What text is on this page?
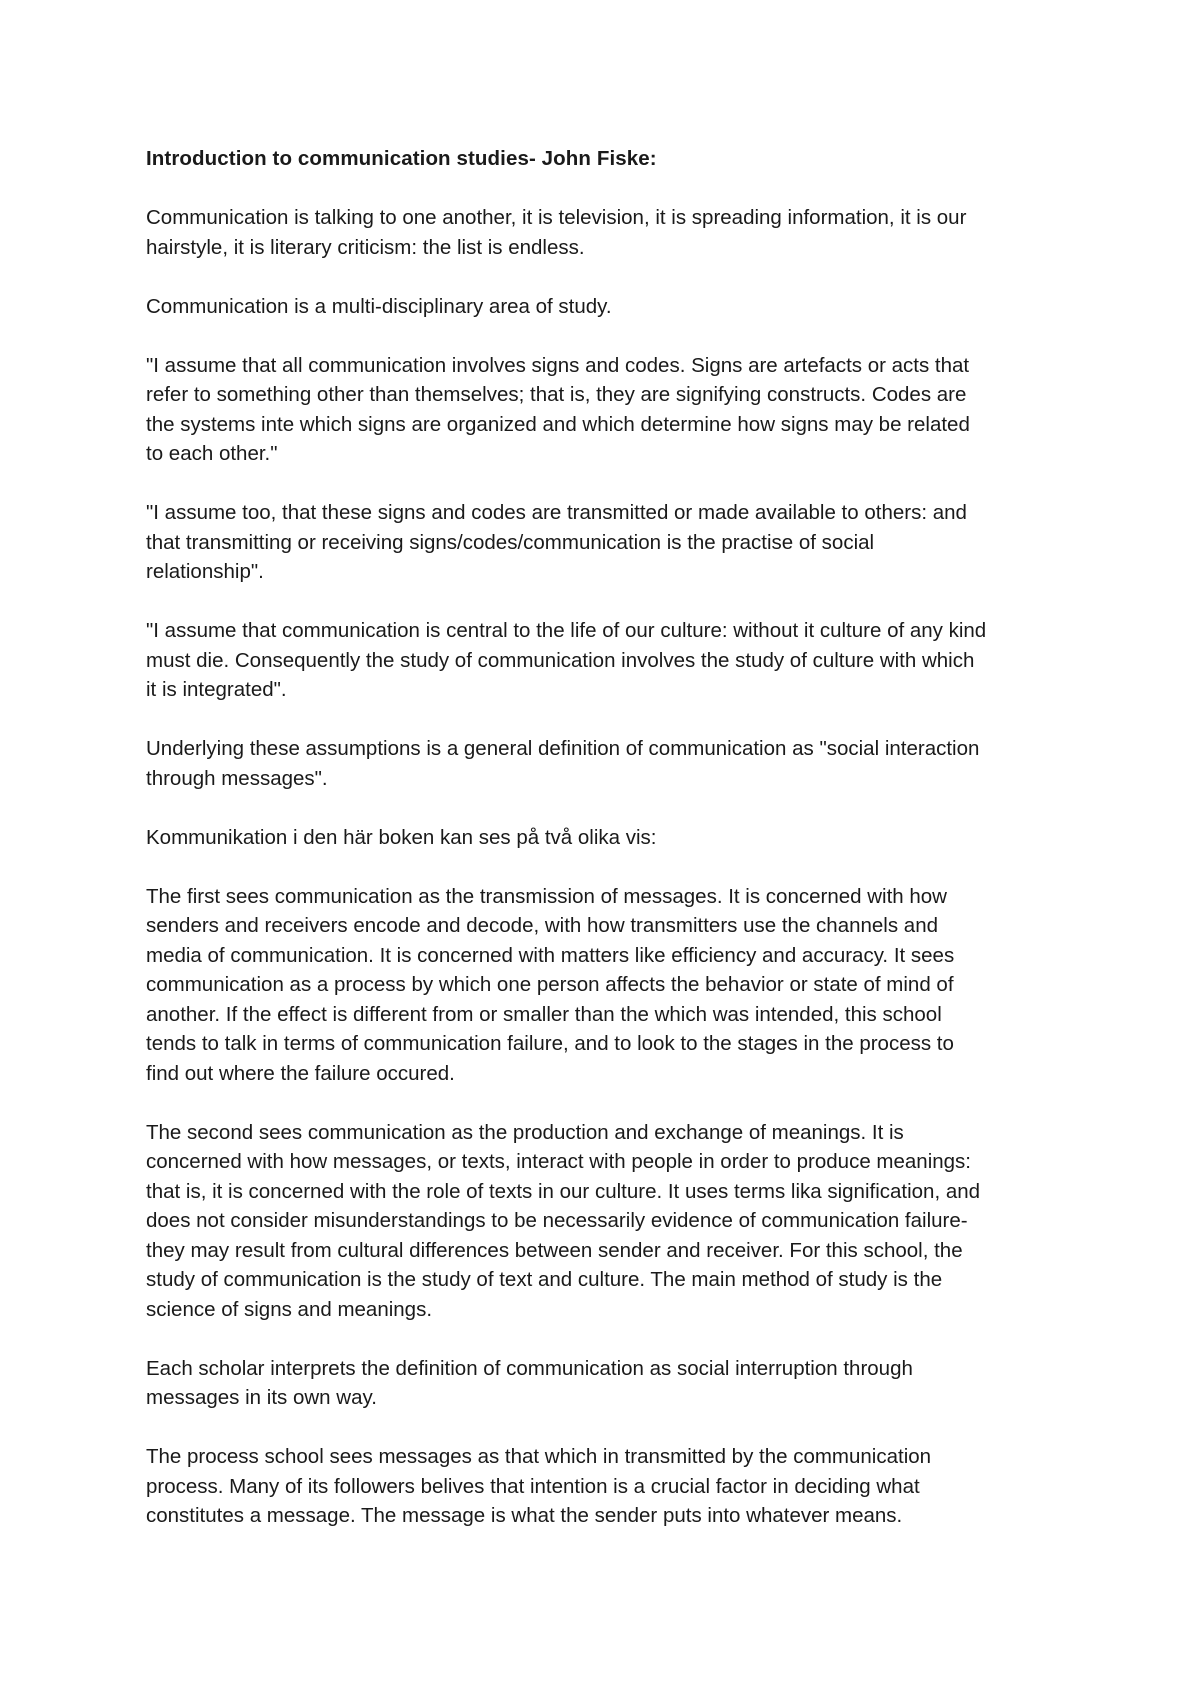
Introduction to communication studies- John Fiske:
Communication is talking to one another, it is television, it is spreading information, it is our
hairstyle, it is literary criticism: the list is endless.
Communication is a multi-disciplinary area of study.
"I assume that all communication involves signs and codes. Signs are artefacts or acts that
refer to something other than themselves; that is, they are signifying constructs. Codes are
the systems inte which signs are organized and which determine how signs may be related
to each other."
"I assume too, that these signs and codes are transmitted or made available to others: and
that transmitting or receiving signs/codes/communication is the practise of social
relationship".
"I assume that communication is central to the life of our culture: without it culture of any kind
must die. Consequently the study of communication involves the study of culture with which
it is integrated".
Underlying these assumptions is a general definition of communication as "social interaction
through messages".
Kommunikation i den här boken kan ses på två olika vis:
The first sees communication as the transmission of messages. It is concerned with how
senders and receivers encode and decode, with how transmitters use the channels and
media of communication. It is concerned with matters like efficiency and accuracy. It sees
communication as a process by which one person affects the behavior or state of mind of
another. If the effect is different from or smaller than the which was intended, this school
tends to talk in terms of communication failure, and to look to the stages in the process to
find out where the failure occured.
The second sees communication as the production and exchange of meanings. It is
concerned with how messages, or texts, interact with people in order to produce meanings:
that is, it is concerned with the role of texts in our culture. It uses terms lika signification, and
does not consider misunderstandings to be necessarily evidence of communication failure-
they may result from cultural differences between sender and receiver. For this school, the
study of communication is the study of text and culture. The main method of study is the
science of signs and meanings.
Each scholar interprets the definition of communication as social interruption through
messages in its own way.
The process school sees messages as that which in transmitted by the communication
process. Many of its followers belives that intention is a crucial factor in deciding what
constitutes a message. The message is what the sender puts into whatever means.
